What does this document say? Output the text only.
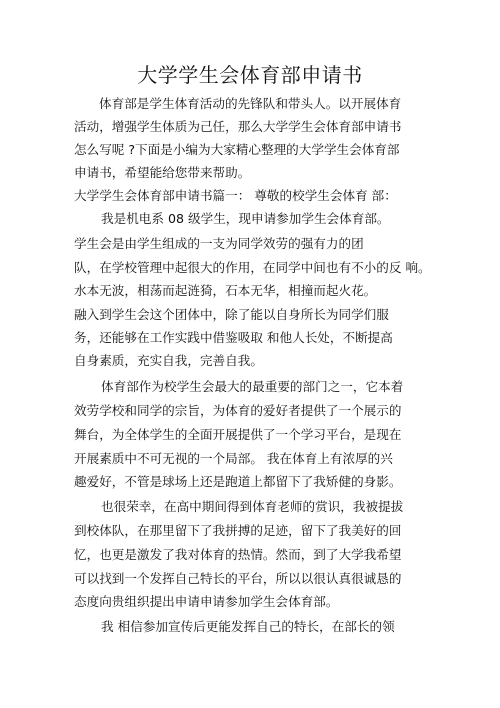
大学学生会体育部申请书
体育部是学生体育活动的先锋队和带头人。以开展体育
活动，增强学生体质为己任，那么大学学生会体育部申请书
怎么写呢 ?下面是小编为大家精心整理的大学学生会体育部
申请书，希望能给您带来帮助。
大学学生会体育部申请书篇一： 尊敬的校学生会体育 部：
我是机电系 08 级学生，现申请参加学生会体育部。
学生会是由学生组成的一支为同学效劳的强有力的团
队，在学校管理中起很大的作用，在同学中间也有不小的反 响。
水本无波，相荡而起涟猗，石本无华，相撞而起火花。
融入到学生会这个团体中，除了能以自身所长为同学们服
务，还能够在工作实践中借鉴吸取 和他人长处，不断提高
自身素质，充实自我，完善自我。
体育部作为校学生会最大的最重要的部门之一，它本着
效劳学校和同学的宗旨，为体育的爱好者提供了一个展示的
舞台，为全体学生的全面开展提供了一个学习平台，是现在
开展素质中不可无视的一个局部。 我在体育上有浓厚的兴
趣爱好，不管是球场上还是跑道上都留下了我矫健的身影。
也很荣幸，在高中期间得到体育老师的赏识，我被提拔
到校体队，在那里留下了我拼搏的足迹，留下了我美好的回
忆，也更是激发了我对体育的热情。然而，到了大学我希望
可以找到一个发挥自己特长的平台，所以以很认真很诚恳的
态度向贵组织提出申请申请参加学生会体育部。
我 相信参加宣传后更能发挥自己的特长，在部长的领
